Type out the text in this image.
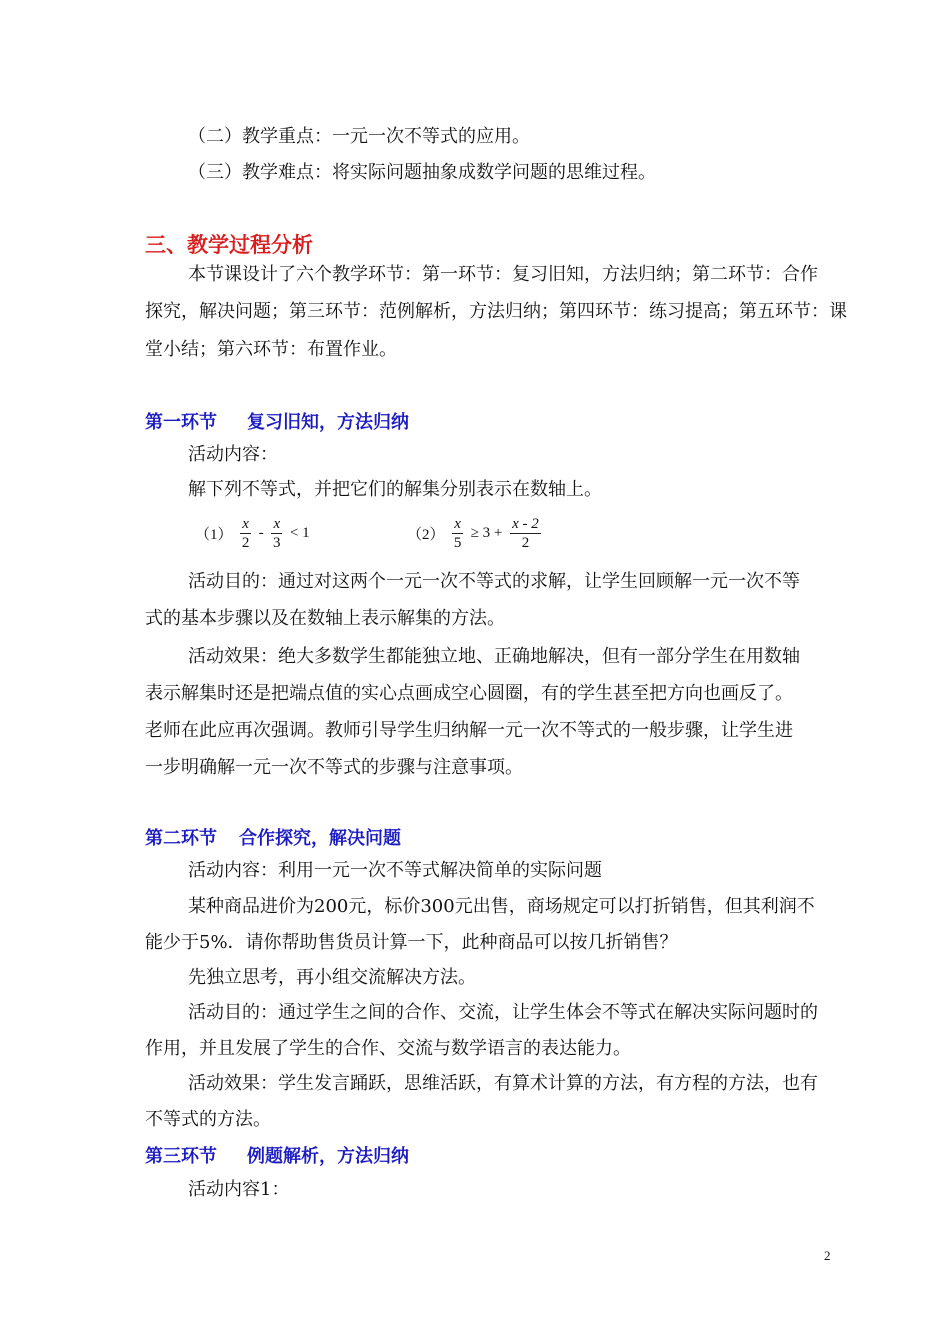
（二）教学重点：一元一次不等式的应用。
（三）教学难点：将实际问题抽象成数学问题的思维过程。
三、教学过程分析
本节课设计了六个教学环节：第一环节：复习旧知，方法归纳；第二环节：合作
探究，解决问题；第三环节：范例解析，方法归纳；第四环节：练习提高；第五环节：课
堂小结；第六环节：布置作业。
第一环节 复习旧知，方法归纳
活动内容：
解下列不等式，并把它们的解集分别表示在数轴上。
$(1) \frac{x}{2} - \frac{x}{3} < 1$	$(2) \frac{x}{5} \ge 3 + \frac{x - 2}{2}$
活动目的：通过对这两个一元一次不等式的求解，让学生回顾解一元一次不等
式的基本步骤以及在数轴上表示解集的方法。
活动效果：绝大多数学生都能独立地、正确地解决，但有一部分学生在用数轴
表示解集时还是把端点值的实心点画成空心圆圈，有的学生甚至把方向也画反了。
老师在此应再次强调。教师引导学生归纳解一元一次不等式的一般步骤，让学生进
一步明确解一元一次不等式的步骤与注意事项。
第二环节 合作探究，解决问题
活动内容：利用一元一次不等式解决简单的实际问题
某种商品进价为200元，标价300元出售，商场规定可以打折销售，但其利润不
能少于5%．请你帮助售货员计算一下，此种商品可以按几折销售？
先独立思考，再小组交流解决方法。
活动目的：通过学生之间的合作、交流，让学生体会不等式在解决实际问题时的
作用，并且发展了学生的合作、交流与数学语言的表达能力。
活动效果：学生发言踊跃，思维活跃，有算术计算的方法，有方程的方法，也有
不等式的方法。
第三环节 例题解析，方法归纳
活动内容1：
2
